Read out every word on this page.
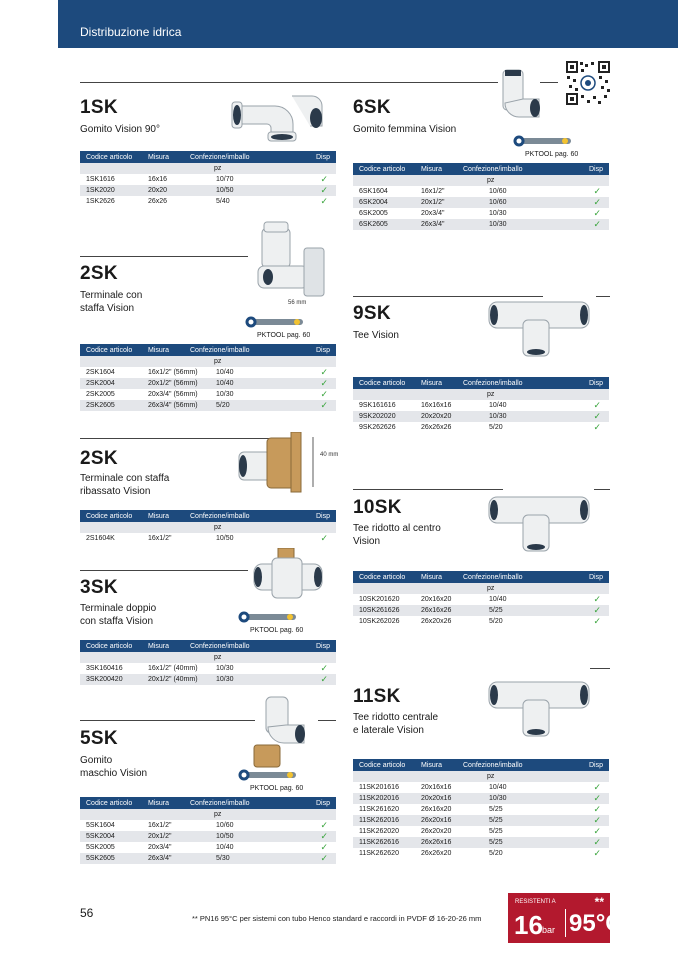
Distribuzione idrica
1SK
Gomito Vision 90°
Codice articolo	Misura	Confezione/imballo	Disp
pz
1SK1616	16x16	10/70	✓
1SK2020	20x20	10/50	✓
1SK2626	26x26	5/40	✓
6SK
Gomito femmina Vision
PKTOOL pag. 60
Codice articolo	Misura	Confezione/imballo	Disp
pz
6SK1604	16x1/2"	10/60	✓
6SK2004	20x1/2"	10/60	✓
6SK2005	20x3/4"	10/30	✓
6SK2605	26x3/4"	10/30	✓
2SK
Terminale con
staffa Vision
PKTOOL pag. 60
56 mm
Codice articolo	Misura	Confezione/imballo	Disp
pz
2SK1604	16x1/2" (56mm)	10/40	✓
2SK2004	20x1/2" (56mm)	10/40	✓
2SK2005	20x3/4" (56mm)	10/30	✓
2SK2605	26x3/4" (56mm)	5/20	✓
9SK
Tee Vision
Codice articolo	Misura	Confezione/imballo	Disp
pz
9SK161616	16x16x16	10/40	✓
9SK202020	20x20x20	10/30	✓
9SK262626	26x26x26	5/20	✓
2SK
Terminale con staffa
ribassato Vision
40 mm
Codice articolo	Misura	Confezione/imballo	Disp
pz
2S1604K	16x1/2"	10/50	✓
10SK
Tee ridotto al centro
Vision
Codice articolo	Misura	Confezione/imballo	Disp
pz
10SK201620	20x16x20	10/40	✓
10SK261626	26x16x26	5/25	✓
10SK262026	26x20x26	5/20	✓
3SK
Terminale doppio
con staffa Vision
PKTOOL pag. 60
Codice articolo	Misura	Confezione/imballo	Disp
pz
3SK160416	16x1/2" (40mm)	10/30	✓
3SK200420	20x1/2" (40mm)	10/30	✓
11SK
Tee ridotto centrale
e laterale Vision
Codice articolo	Misura	Confezione/imballo	Disp
pz
11SK201616	20x16x16	10/40	✓
11SK202016	20x20x16	10/30	✓
11SK261620	26x16x20	5/25	✓
11SK262016	26x20x16	5/25	✓
11SK262020	26x20x20	5/25	✓
11SK262616	26x26x16	5/25	✓
11SK262620	26x26x20	5/20	✓
5SK
Gomito
maschio Vision
PKTOOL pag. 60
Codice articolo	Misura	Confezione/imballo	Disp
pz
5SK1604	16x1/2"	10/60	✓
5SK2004	20x1/2"	10/50	✓
5SK2005	20x3/4"	10/40	✓
5SK2605	26x3/4"	5/30	✓
56	** PN16 95°C per sistemi con tubo Henco standard e raccordi in PVDF Ø 16-20-26 mm
RESISTENTI A	**
16 bar 95°C
